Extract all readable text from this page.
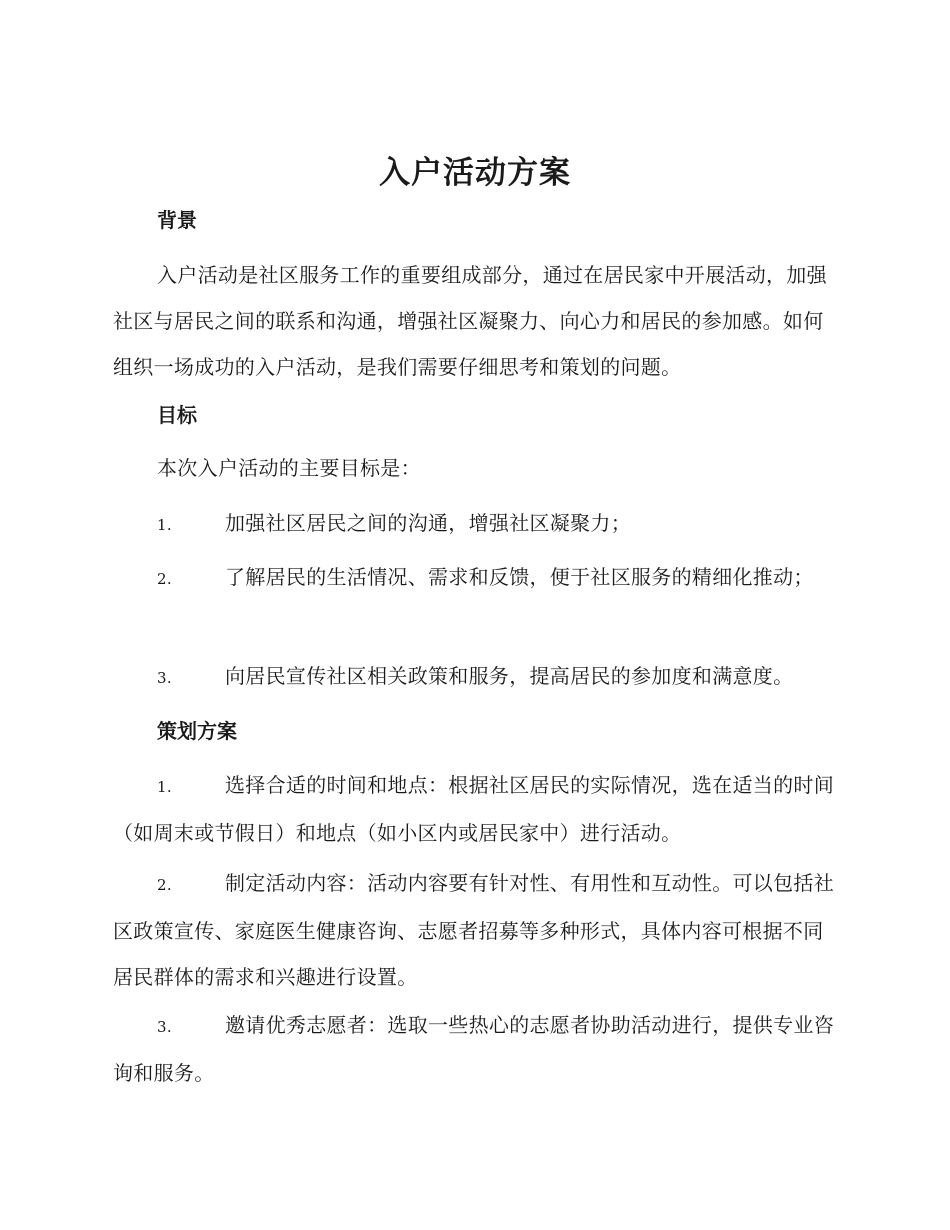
入户活动方案
背景
入户活动是社区服务工作的重要组成部分，通过在居民家中开展活动，加强社区与居民之间的联系和沟通，增强社区凝聚力、向心力和居民的参加感。如何组织一场成功的入户活动，是我们需要仔细思考和策划的问题。
目标
本次入户活动的主要目标是：
1.	加强社区居民之间的沟通，增强社区凝聚力；
2.	了解居民的生活情况、需求和反馈，便于社区服务的精细化推动；
3.	向居民宣传社区相关政策和服务，提高居民的参加度和满意度。
策划方案
1.	选择合适的时间和地点：根据社区居民的实际情况，选在适当的时间（如周末或节假日）和地点（如小区内或居民家中）进行活动。
2.	制定活动内容：活动内容要有针对性、有用性和互动性。可以包括社区政策宣传、家庭医生健康咨询、志愿者招募等多种形式，具体内容可根据不同居民群体的需求和兴趣进行设置。
3.	邀请优秀志愿者：选取一些热心的志愿者协助活动进行，提供专业咨询和服务。
